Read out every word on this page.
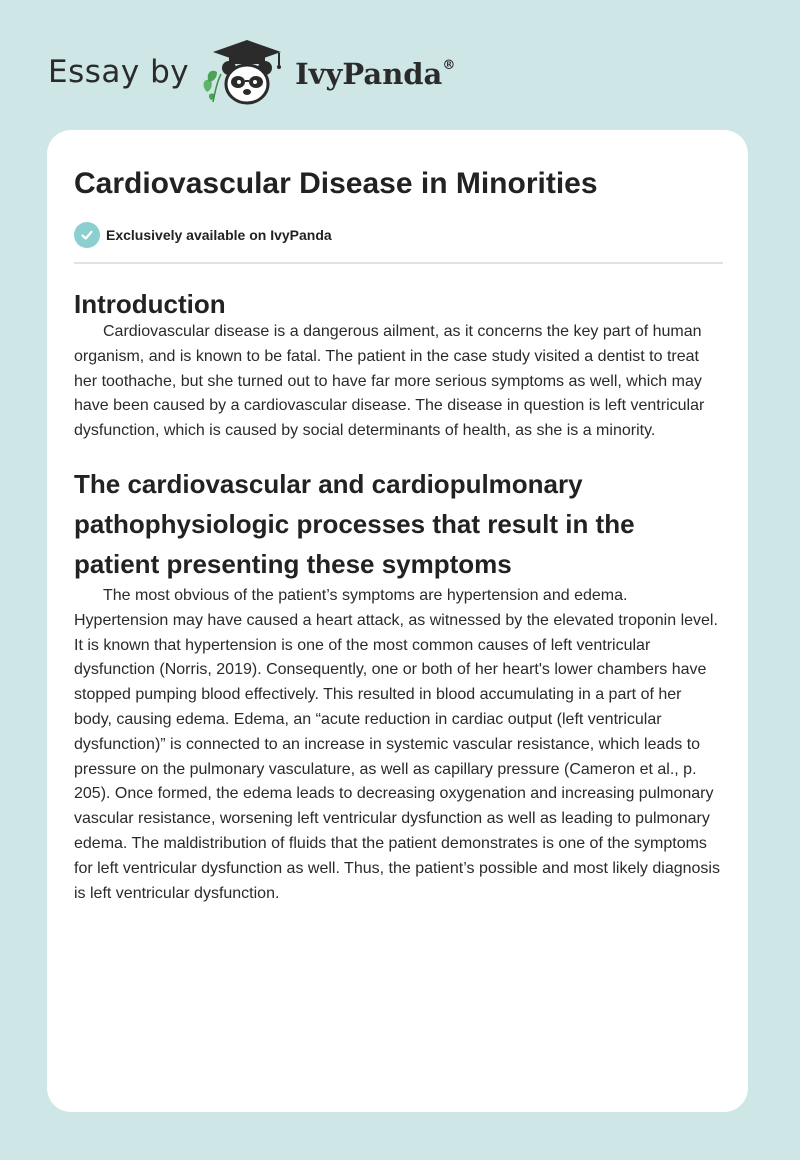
Essay by	IvyPanda®
Cardiovascular Disease in Minorities
Exclusively available on IvyPanda
Introduction

Cardiovascular disease is a dangerous ailment, as it concerns the key part of human organism, and is known to be fatal. The patient in the case study visited a dentist to treat her toothache, but she turned out to have far more serious symptoms as well, which may have been caused by a cardiovascular disease. The disease in question is left ventricular dysfunction, which is caused by social determinants of health, as she is a minority.

The cardiovascular and cardiopulmonary pathophysiologic processes that result in the patient presenting these symptoms

The most obvious of the patient’s symptoms are hypertension and edema. Hypertension may have caused a heart attack, as witnessed by the elevated troponin level. It is known that hypertension is one of the most common causes of left ventricular dysfunction (Norris, 2019). Consequently, one or both of her heart's lower chambers have stopped pumping blood effectively. This resulted in blood accumulating in a part of her body, causing edema. Edema, an “acute reduction in cardiac output (left ventricular dysfunction)” is connected to an increase in systemic vascular resistance, which leads to pressure on the pulmonary vasculature, as well as capillary pressure (Cameron et al., p. 205). Once formed, the edema leads to decreasing oxygenation and increasing pulmonary vascular resistance, worsening left ventricular dysfunction as well as leading to pulmonary edema. The maldistribution of fluids that the patient demonstrates is one of the symptoms for left ventricular dysfunction as well. Thus, the patient’s possible and most likely diagnosis is left ventricular dysfunction.
